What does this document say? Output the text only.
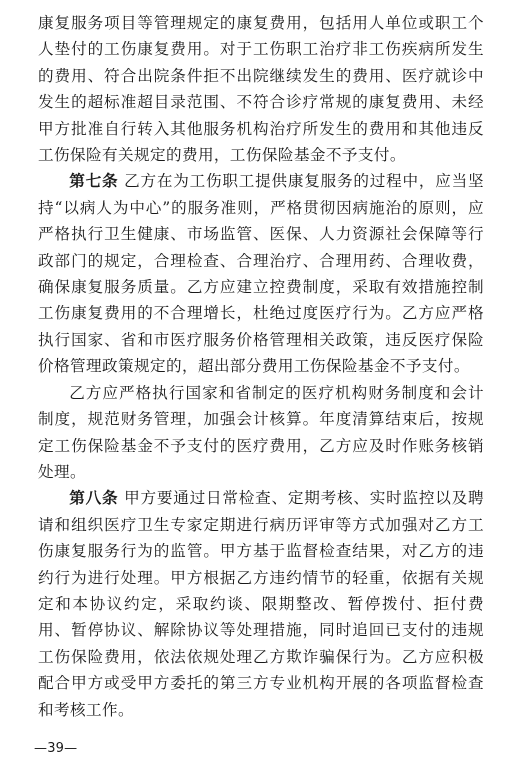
康复服务项目等管理规定的康复费用，包括用人单位或职工个人垫付的工伤康复费用。对于工伤职工治疗非工伤疾病所发生的费用、符合出院条件拒不出院继续发生的费用、医疗就诊中发生的超标准超目录范围、不符合诊疗常规的康复费用、未经甲方批准自行转入其他服务机构治疗所发生的费用和其他违反工伤保险有关规定的费用，工伤保险基金不予支付。

第七条 乙方在为工伤职工提供康复服务的过程中，应当坚持“以病人为中心”的服务准则，严格贯彻因病施治的原则，应严格执行卫生健康、市场监管、医保、人力资源社会保障等行政部门的规定，合理检查、合理治疗、合理用药、合理收费，确保康复服务质量。乙方应建立控费制度，采取有效措施控制工伤康复费用的不合理增长，杜绝过度医疗行为。乙方应严格执行国家、省和市医疗服务价格管理相关政策，违反医疗保险价格管理政策规定的，超出部分费用工伤保险基金不予支付。

乙方应严格执行国家和省制定的医疗机构财务制度和会计制度，规范财务管理，加强会计核算。年度清算结束后，按规定工伤保险基金不予支付的医疗费用，乙方应及时作账务核销处理。

第八条 甲方要通过日常检查、定期考核、实时监控以及聘请和组织医疗卫生专家定期进行病历评审等方式加强对乙方工伤康复服务行为的监管。甲方基于监督检查结果，对乙方的违约行为进行处理。甲方根据乙方违约情节的轻重，依据有关规定和本协议约定，采取约谈、限期整改、暂停拨付、拒付费用、暂停协议、解除协议等处理措施，同时追回已支付的违规工伤保险费用，依法依规处理乙方欺诈骗保行为。乙方应积极配合甲方或受甲方委托的第三方专业机构开展的各项监督检查和考核工作。

—39—
